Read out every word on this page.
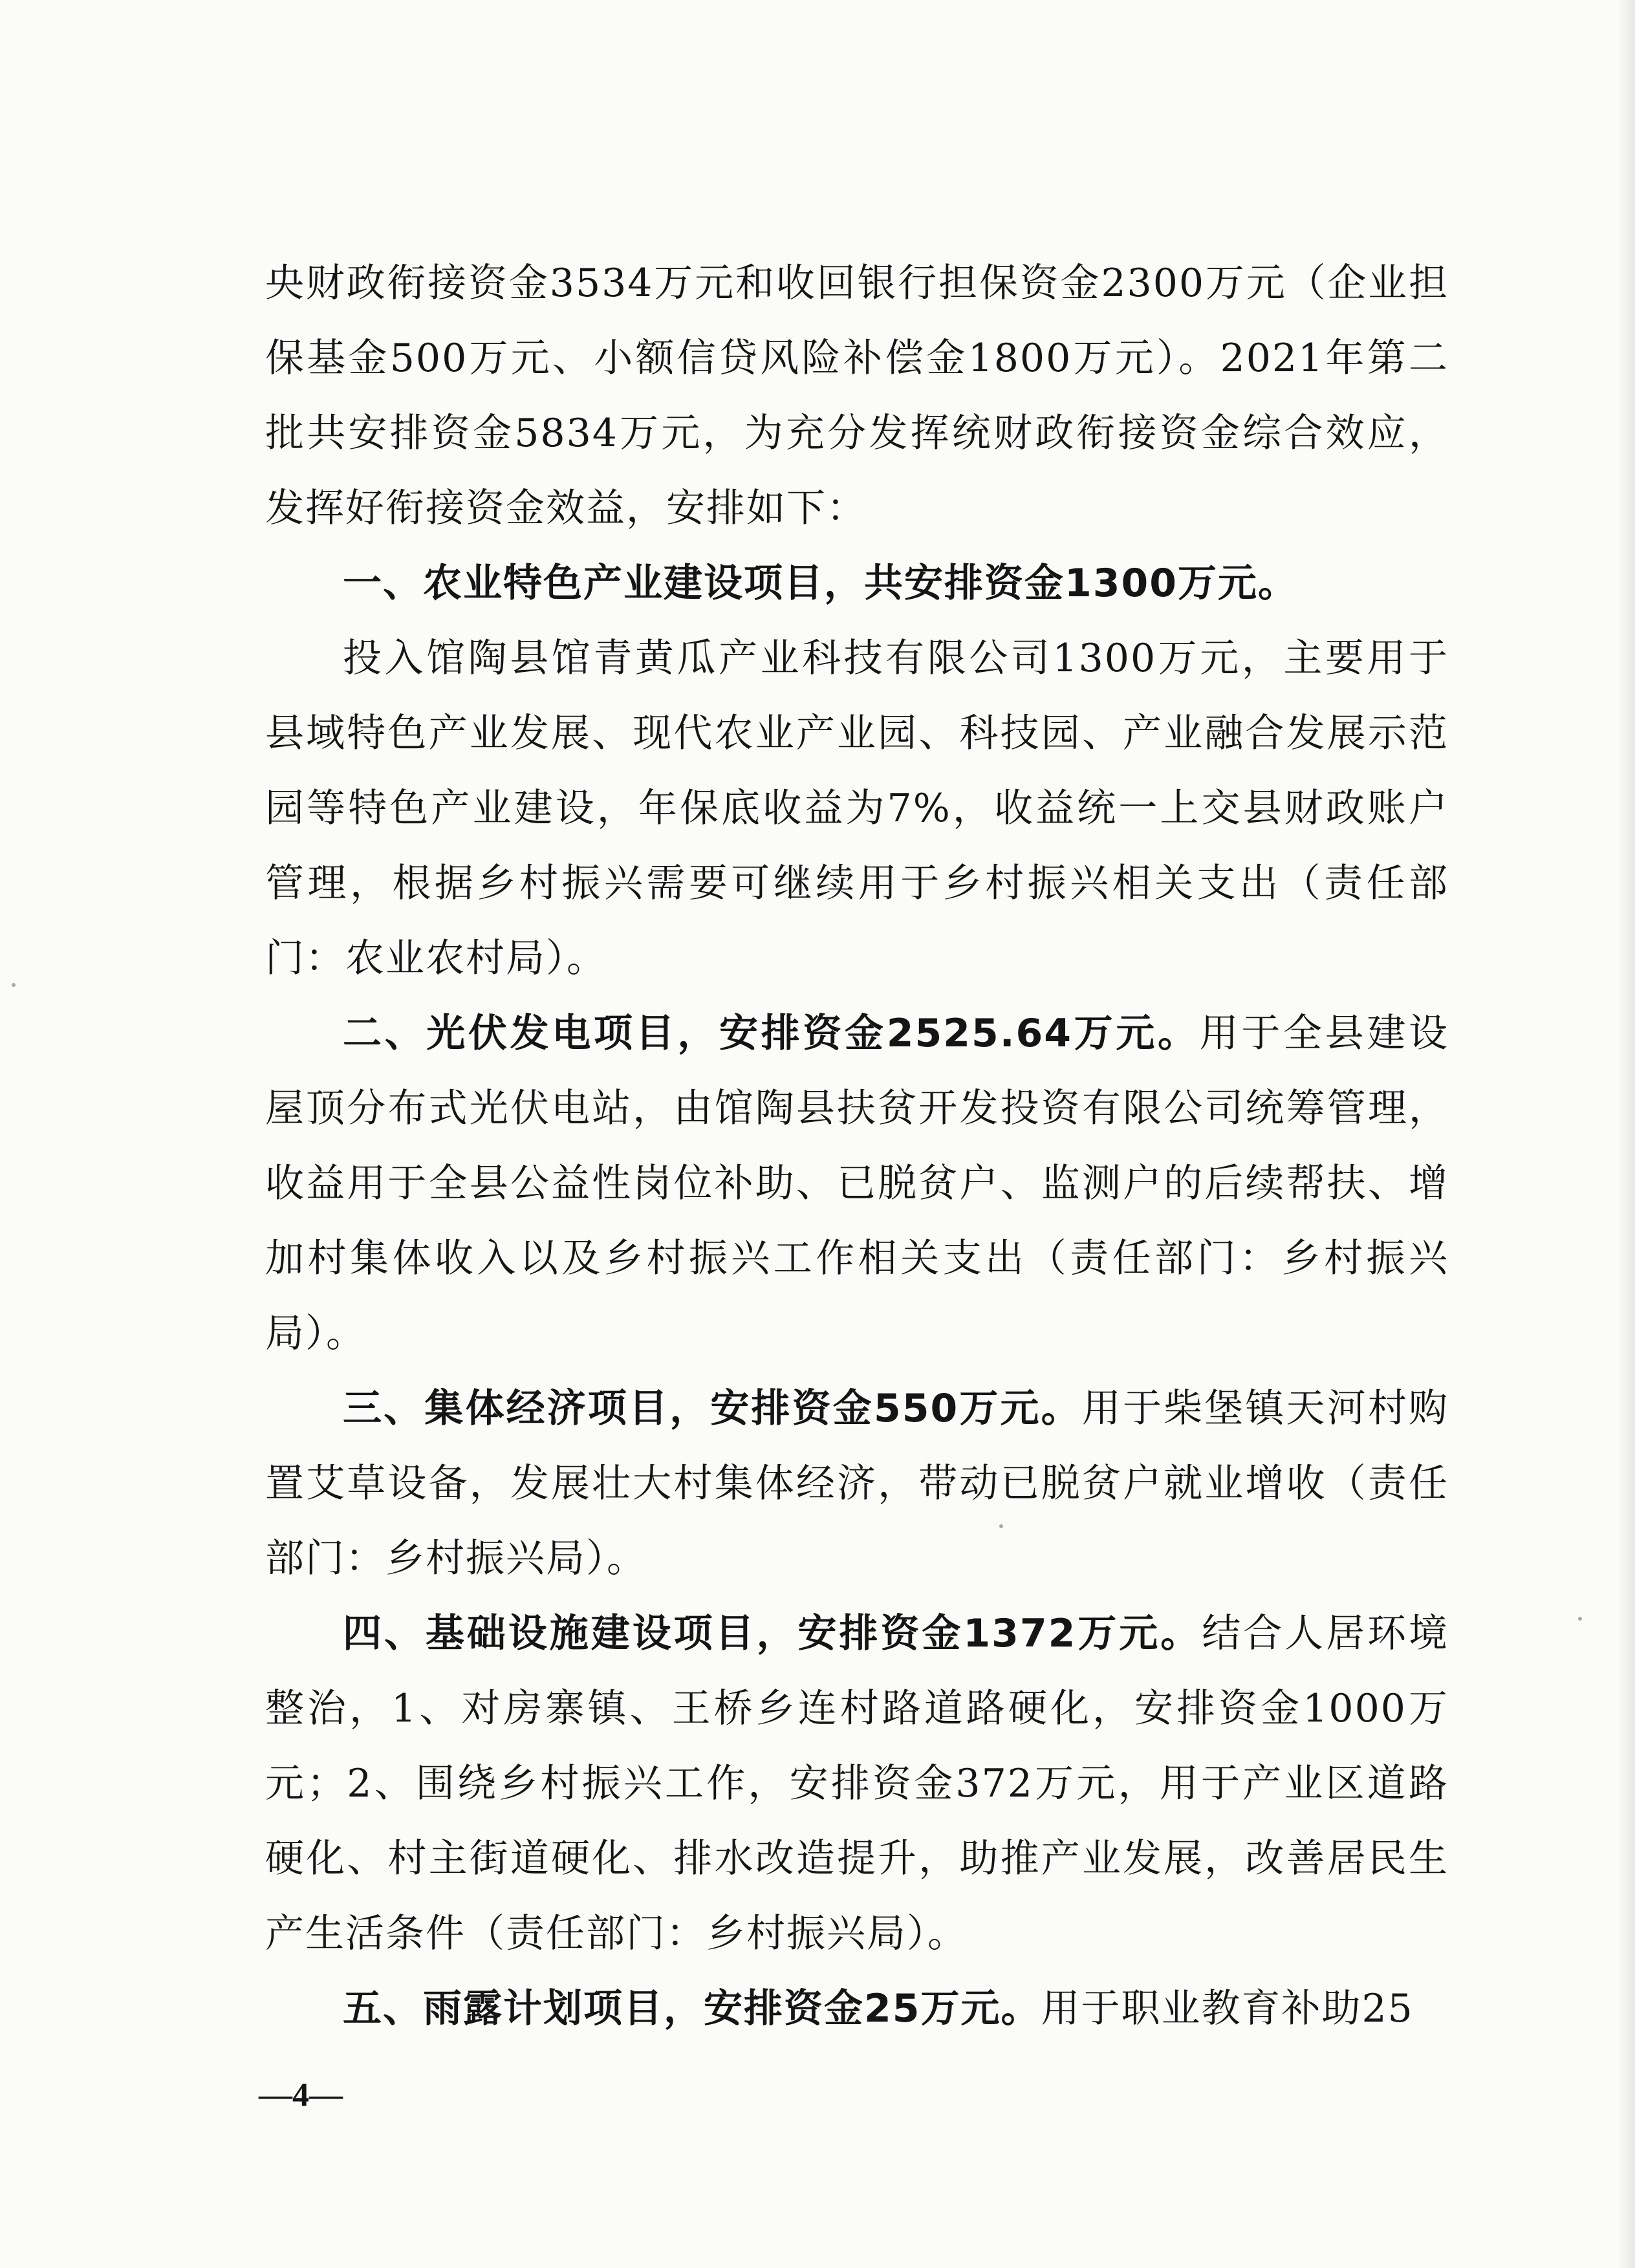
央财政衔接资金3534万元和收回银行担保资金2300万元（企业担保基金500万元、小额信贷风险补偿金1800万元）。2021年第二批共安排资金5834万元，为充分发挥统财政衔接资金综合效应，发挥好衔接资金效益，安排如下：

一、农业特色产业建设项目，共安排资金1300万元。

投入馆陶县馆青黄瓜产业科技有限公司1300万元，主要用于县域特色产业发展、现代农业产业园、科技园、产业融合发展示范园等特色产业建设，年保底收益为7%，收益统一上交县财政账户管理，根据乡村振兴需要可继续用于乡村振兴相关支出（责任部门：农业农村局）。

二、光伏发电项目，安排资金2525.64万元。用于全县建设屋顶分布式光伏电站，由馆陶县扶贫开发投资有限公司统筹管理，收益用于全县公益性岗位补助、已脱贫户、监测户的后续帮扶、增加村集体收入以及乡村振兴工作相关支出（责任部门：乡村振兴局）。

三、集体经济项目，安排资金550万元。用于柴堡镇天河村购置艾草设备，发展壮大村集体经济，带动已脱贫户就业增收（责任部门：乡村振兴局）。

四、基础设施建设项目，安排资金1372万元。结合人居环境整治，1、对房寨镇、王桥乡连村路道路硬化，安排资金1000万元；2、围绕乡村振兴工作，安排资金372万元，用于产业区道路硬化、村主街道硬化、排水改造提升，助推产业发展，改善居民生产生活条件（责任部门：乡村振兴局）。

五、雨露计划项目，安排资金25万元。用于职业教育补助25

—4—
